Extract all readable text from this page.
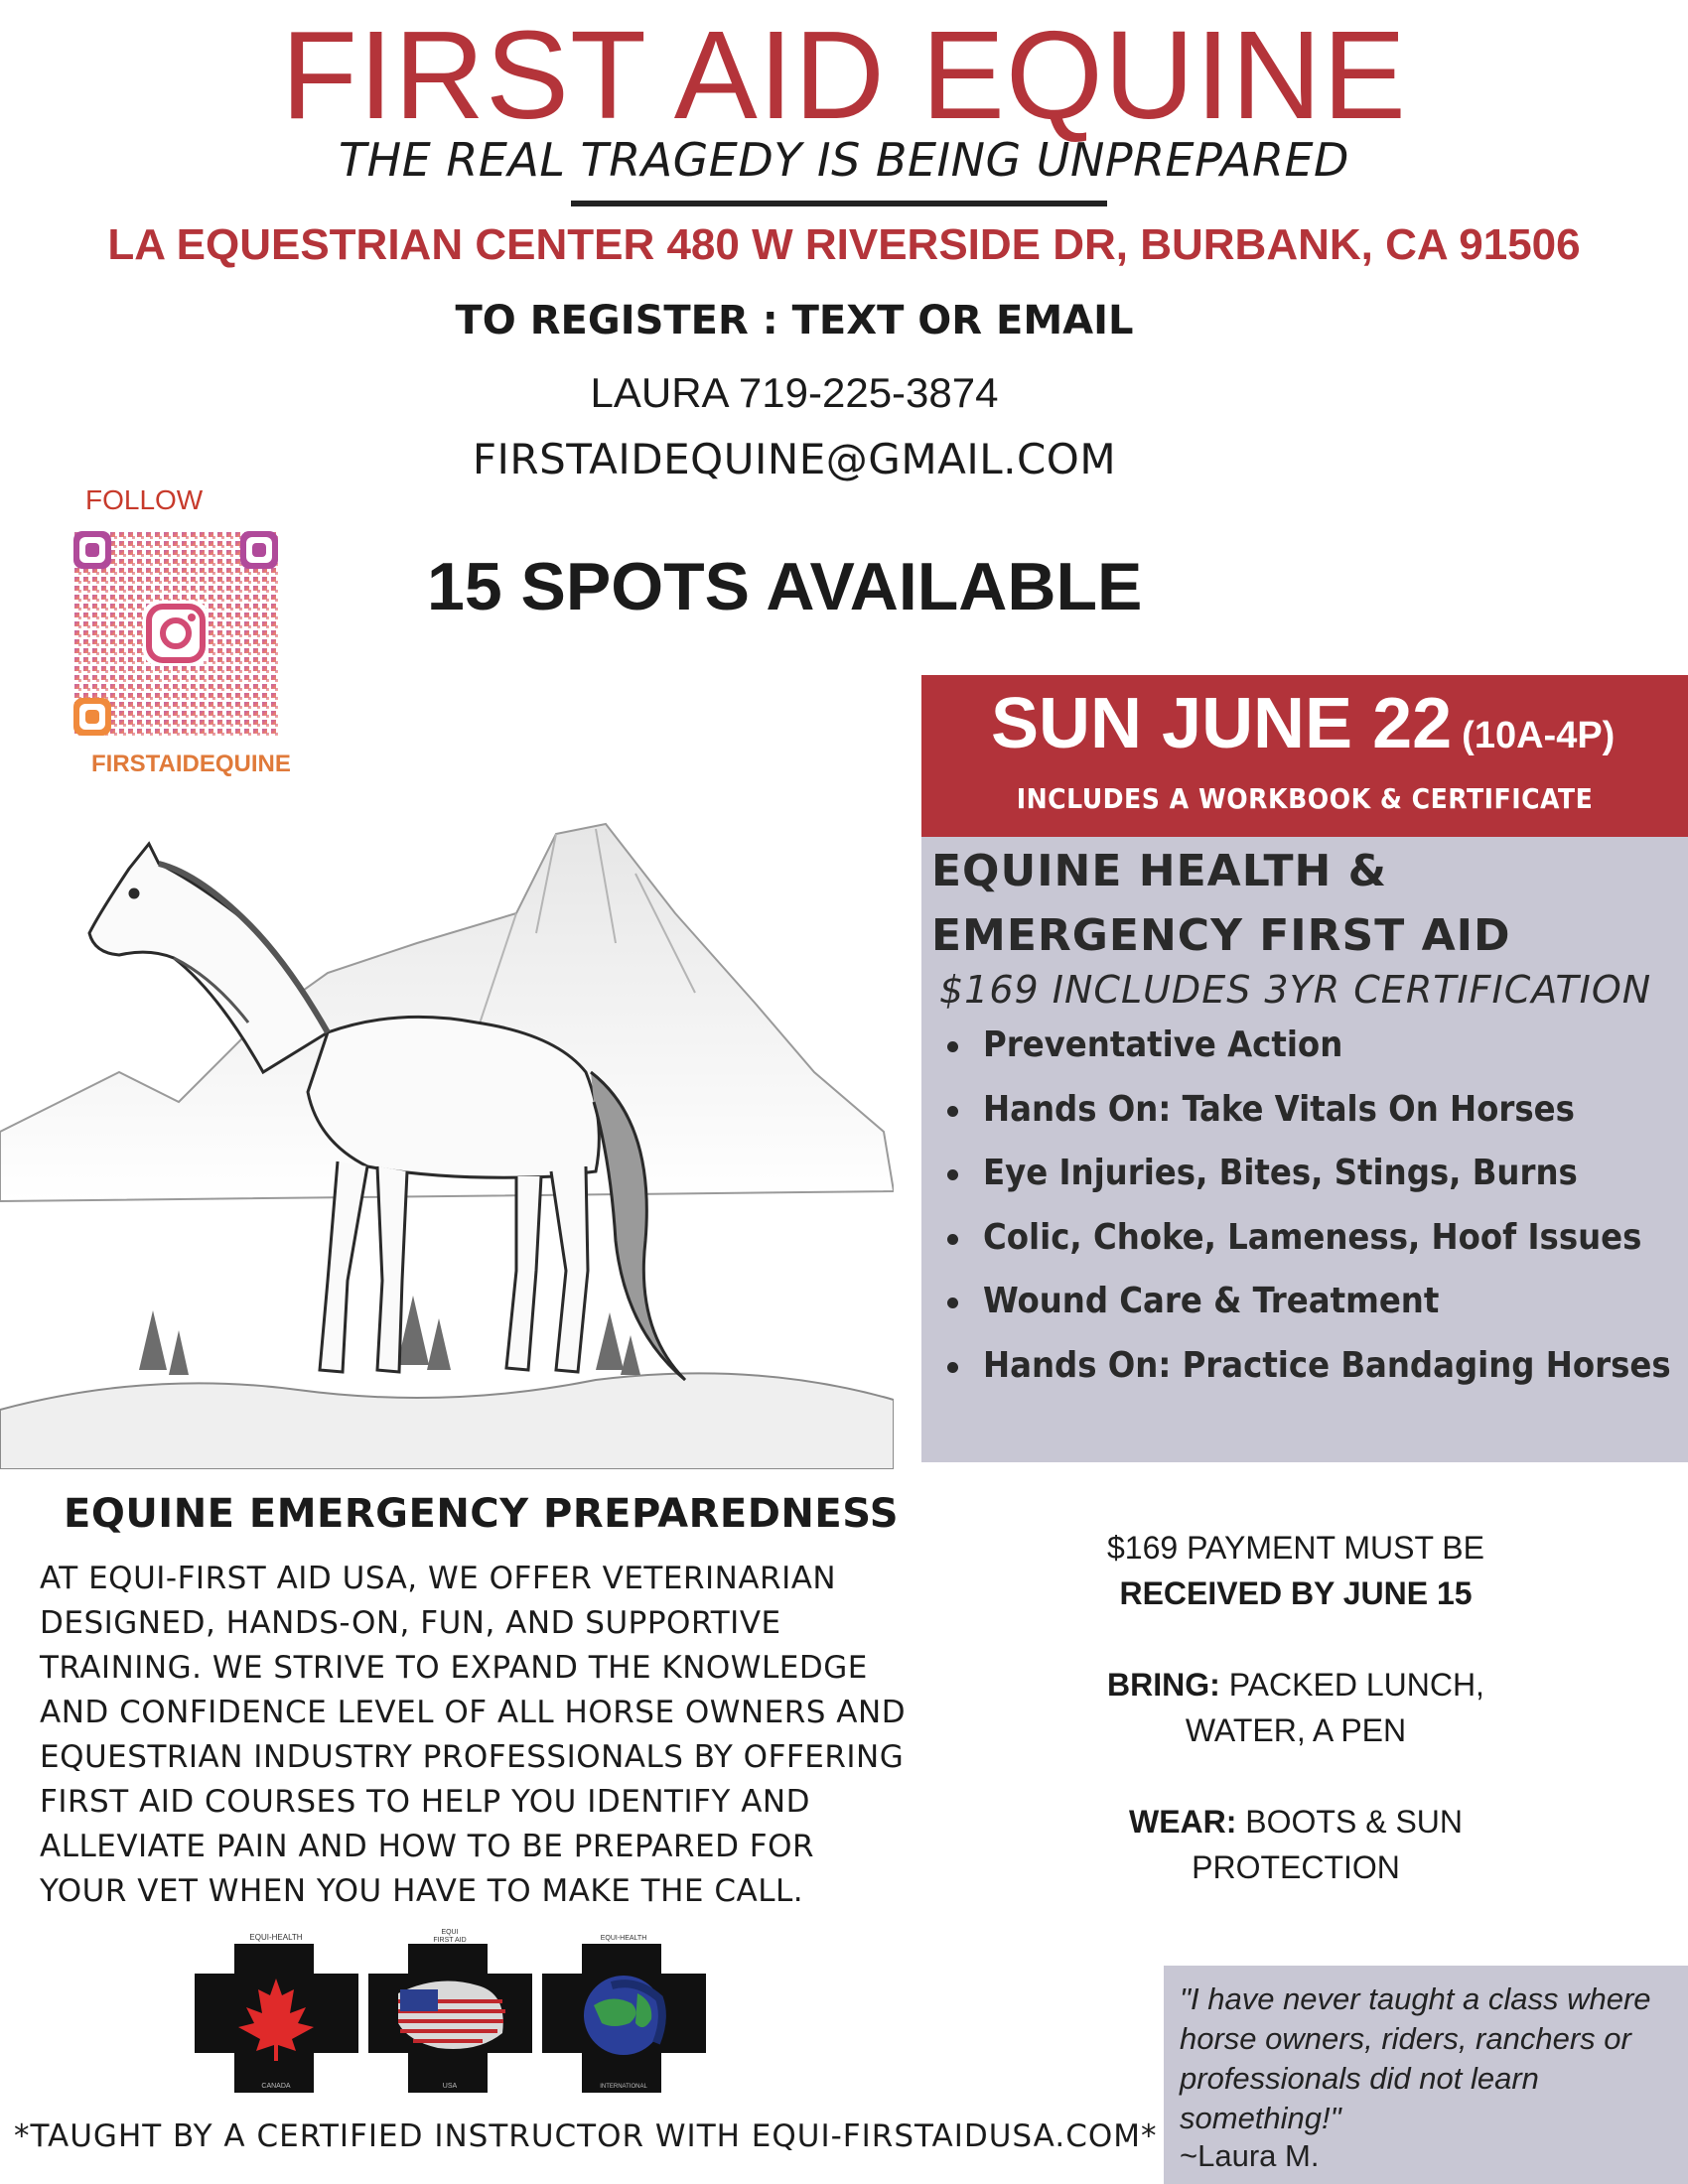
FIRST AID EQUINE
THE REAL TRAGEDY IS BEING UNPREPARED
LA EQUESTRIAN CENTER 480 W RIVERSIDE DR, BURBANK, CA 91506
TO REGISTER : TEXT OR EMAIL
LAURA 719-225-3874
FIRSTAIDEQUINE@GMAIL.COM
15 SPOTS AVAILABLE
FOLLOW
FIRSTAIDEQUINE
SUN JUNE 22 (10A-4P)
INCLUDES A WORKBOOK & CERTIFICATE
EQUINE HEALTH &
EMERGENCY FIRST AID
$169 INCLUDES 3YR CERTIFICATION
Preventative Action
Hands On: Take Vitals On Horses
Eye Injuries, Bites, Stings, Burns
Colic, Choke, Lameness, Hoof Issues
Wound Care & Treatment
Hands On: Practice Bandaging Horses
EQUINE EMERGENCY PREPAREDNESS
AT EQUI-FIRST AID USA, WE OFFER VETERINARIAN
DESIGNED, HANDS-ON, FUN, AND SUPPORTIVE
TRAINING. WE STRIVE TO EXPAND THE KNOWLEDGE
AND CONFIDENCE LEVEL OF ALL HORSE OWNERS AND
EQUESTRIAN INDUSTRY PROFESSIONALS BY OFFERING
FIRST AID COURSES TO HELP YOU IDENTIFY AND
ALLEVIATE PAIN AND HOW TO BE PREPARED FOR
YOUR VET WHEN YOU HAVE TO MAKE THE CALL.
$169 PAYMENT MUST BE
RECEIVED BY JUNE 15
BRING: PACKED LUNCH,
WATER, A PEN
WEAR: BOOTS & SUN
PROTECTION
EQUI-HEALTH
CANADA
EQUI
FIRST AID
USA
EQUI-HEALTH
INTERNATIONAL
*TAUGHT BY A CERTIFIED INSTRUCTOR WITH EQUI-FIRSTAIDUSA.COM*
"I have never taught a class where horse owners, riders, ranchers or professionals did not learn something!"
~Laura M.
